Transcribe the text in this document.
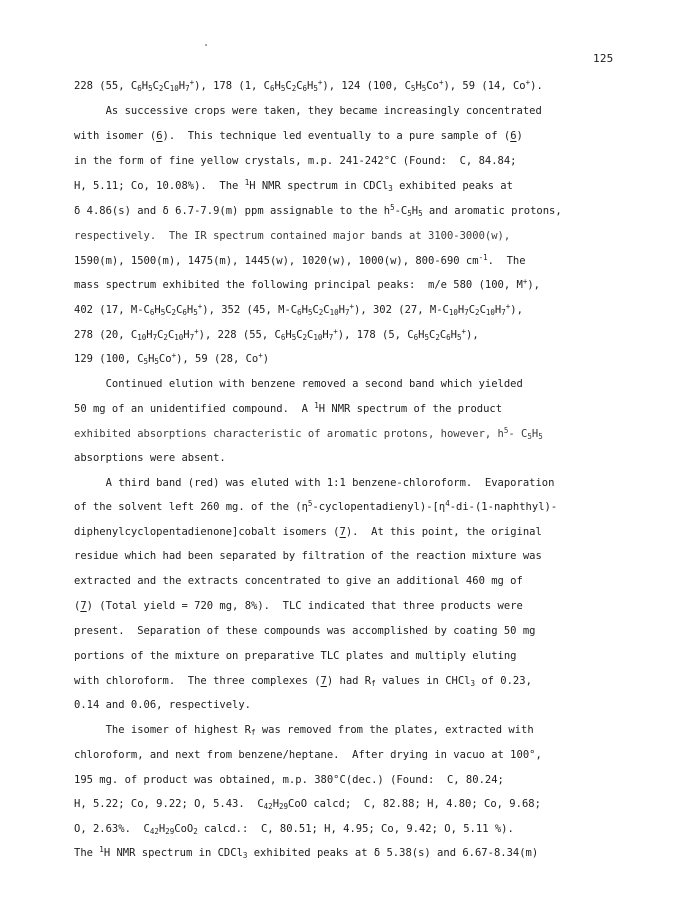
125
228 (55, $C_6H_5C_2C_{10}H_7^+$), 178 (1, $C_6H_5C_2C_6H_5^+$), 124 (100, $C_5H_5Co^+$), 59 (14, Co+).
As successive crops were taken, they became increasingly concentrated
with isomer (6).  This technique led eventually to a pure sample of (6)
in the form of fine yellow crystals, m.p. 241-242°C (Found:  C, 84.84;
H, 5.11; Co, 10.08%).  The $^1$H NMR spectrum in CDCl$_3$ exhibited peaks at
δ 4.86(s) and δ 6.7-7.9(m) ppm assignable to the $h^5-C_5H_5$ and aromatic protons,
respectively.  The IR spectrum contained major bands at 3100-3000(w),
1590(m), 1500(m), 1475(m), 1445(w), 1020(w), 1000(w), 800-690 $cm^{-1}$.  The
mass spectrum exhibited the following principal peaks:  m/e 580 (100, M+),
402 (17, $M-C_6H_5C_2C_6H_5^+$), 352 (45, $M-C_6H_5C_2C_{10}H_7^+$), 302 (27, $M-C_{10}H_7C_2C_{10}H_7^+$),
278 (20, $C_{10}H_7C_2C_{10}H_7^+$), 228 (55, $C_6H_5C_2C_{10}H_7^+$), 178 (5, $C_6H_5C_2C_6H_5^+$),
129 (100, $C_5H_5Co^+$), 59 (28, Co+)
Continued elution with benzene removed a second band which yielded
50 mg of an unidentified compound.  A $^1$H NMR spectrum of the product
exhibited absorptions characteristic of aromatic protons, however, $h^5-$ $C_5H_5$
absorptions were absent.
A third band (red) was eluted with 1:1 benzene-chloroform.  Evaporation
of the solvent left 260 mg. of the $(\eta^5-cyclopentadienyl)-[\eta^4-di-(1-naphthyl)-$
diphenylcyclopentadienone]cobalt isomers (7).  At this point, the original
residue which had been separated by filtration of the reaction mixture was
extracted and the extracts concentrated to give an additional 460 mg of
(7) (Total yield = 720 mg, 8%).  TLC indicated that three products were
present.  Separation of these compounds was accomplished by coating 50 mg
portions of the mixture on preparative TLC plates and multiply eluting
with chloroform.  The three complexes (7) had $R_f$ values in CHCl$_3$ of 0.23,
0.14 and 0.06, respectively.
The isomer of highest $R_f$ was removed from the plates, extracted with
chloroform, and next from benzene/heptane.  After drying in vacuo at 100°,
195 mg. of product was obtained, m.p. 380°C(dec.) (Found:  C, 80.24;
H, 5.22; Co, 9.22; O, 5.43.  $C_{42}H_{29}CoO$ calcd;  C, 82.88; H, 4.80; Co, 9.68;
O, 2.63%.  $C_{42}H_{29}CoO_2$ calcd.:  C, 80.51; H, 4.95; Co, 9.42; O, 5.11 %).
The $^1$H NMR spectrum in CDCl$_3$ exhibited peaks at δ 5.38(s) and 6.67-8.34(m)
